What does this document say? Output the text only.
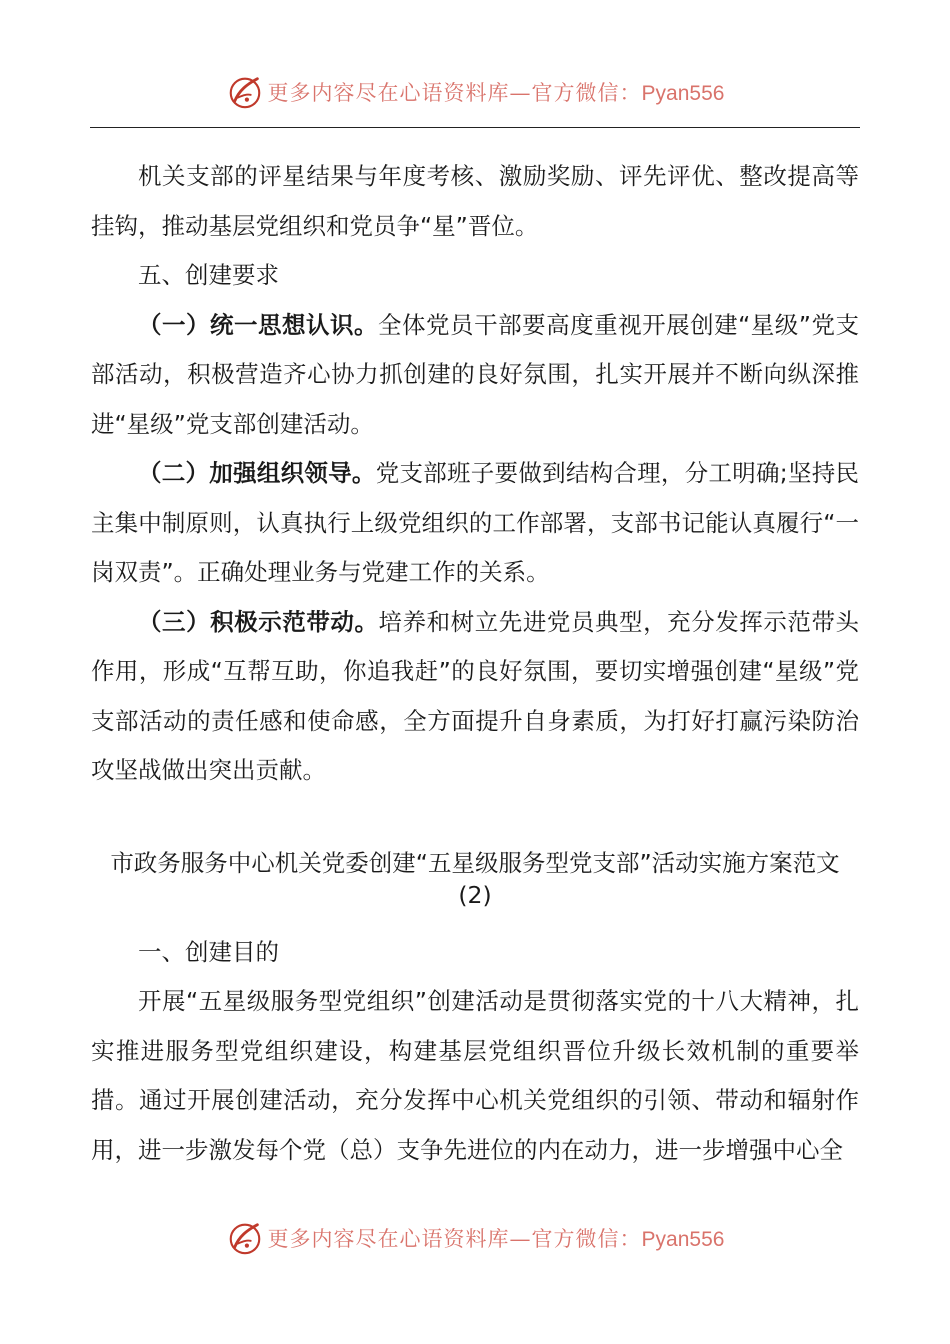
更多内容尽在心语资料库—官方微信：Pyan556

机关支部的评星结果与年度考核、激励奖励、评先评优、整改提高等挂钩，推动基层党组织和党员争“星”晋位。

五、创建要求

（一）统一思想认识。全体党员干部要高度重视开展创建“星级”党支部活动，积极营造齐心协力抓创建的良好氛围，扎实开展并不断向纵深推进“星级”党支部创建活动。

（二）加强组织领导。党支部班子要做到结构合理，分工明确;坚持民主集中制原则，认真执行上级党组织的工作部署，支部书记能认真履行“一岗双责”。正确处理业务与党建工作的关系。

（三）积极示范带动。培养和树立先进党员典型，充分发挥示范带头作用，形成“互帮互助，你追我赶”的良好氛围，要切实增强创建“星级”党支部活动的责任感和使命感，全方面提升自身素质，为打好打赢污染防治攻坚战做出突出贡献。

市政务服务中心机关党委创建“五星级服务型党支部”活动实施方案范文
(2)

一、创建目的

开展“五星级服务型党组织”创建活动是贯彻落实党的十八大精神，扎实推进服务型党组织建设，构建基层党组织晋位升级长效机制的重要举措。通过开展创建活动，充分发挥中心机关党组织的引领、带动和辐射作用，进一步激发每个党（总）支争先进位的内在动力，进一步增强中心全

更多内容尽在心语资料库—官方微信：Pyan556
